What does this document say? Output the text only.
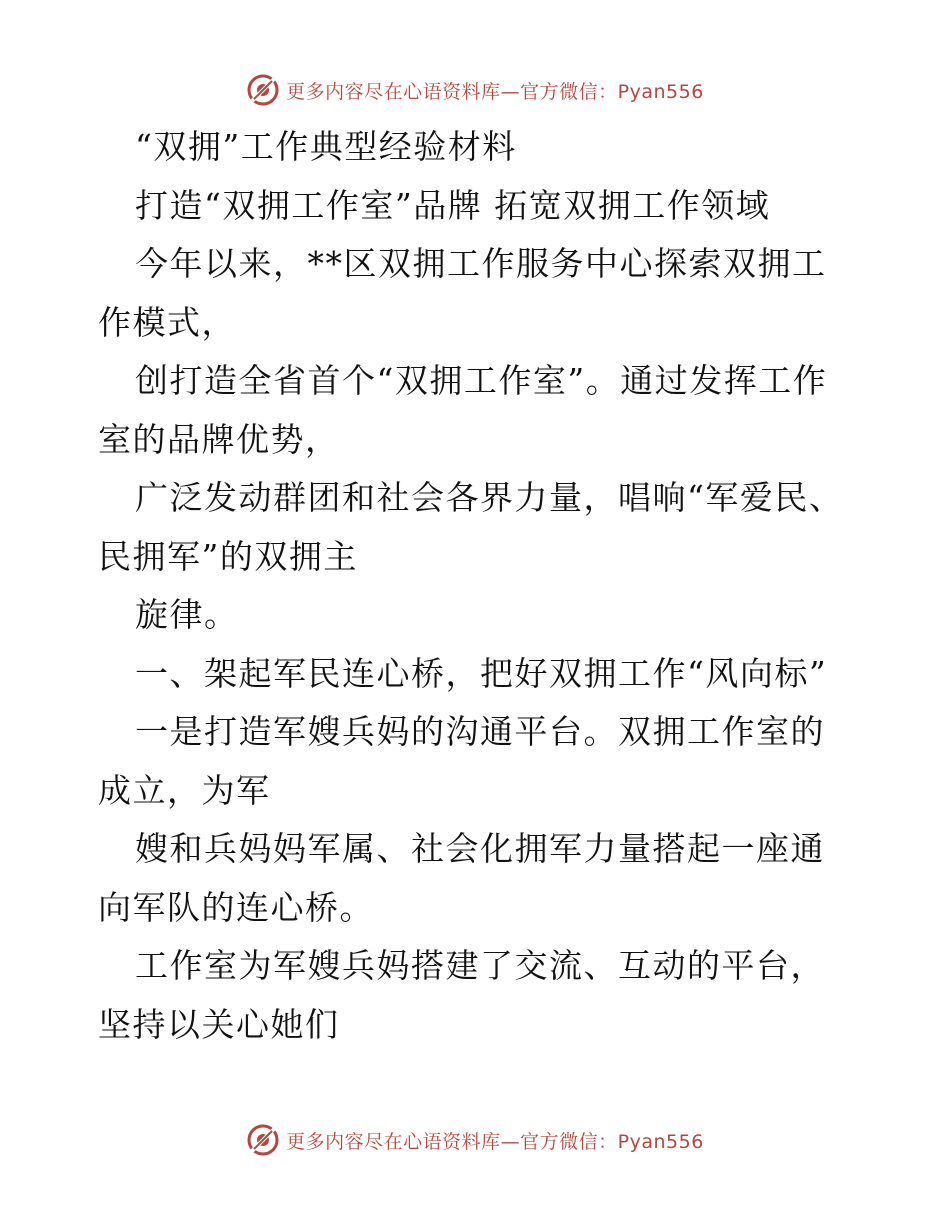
更多内容尽在心语资料库—官方微信：Pyan556

“双拥”工作典型经验材料

打造“双拥工作室”品牌 拓宽双拥工作领域

今年以来，**区双拥工作服务中心探索双拥工作模式，

创打造全省首个“双拥工作室”。通过发挥工作室的品牌优势，

广泛发动群团和社会各界力量，唱响“军爱民、民拥军”的双拥主

旋律。

一、架起军民连心桥，把好双拥工作“风向标”

一是打造军嫂兵妈的沟通平台。双拥工作室的成立，为军

嫂和兵妈妈军属、社会化拥军力量搭起一座通向军队的连心桥。

工作室为军嫂兵妈搭建了交流、互动的平台，坚持以关心她们

更多内容尽在心语资料库—官方微信：Pyan556
